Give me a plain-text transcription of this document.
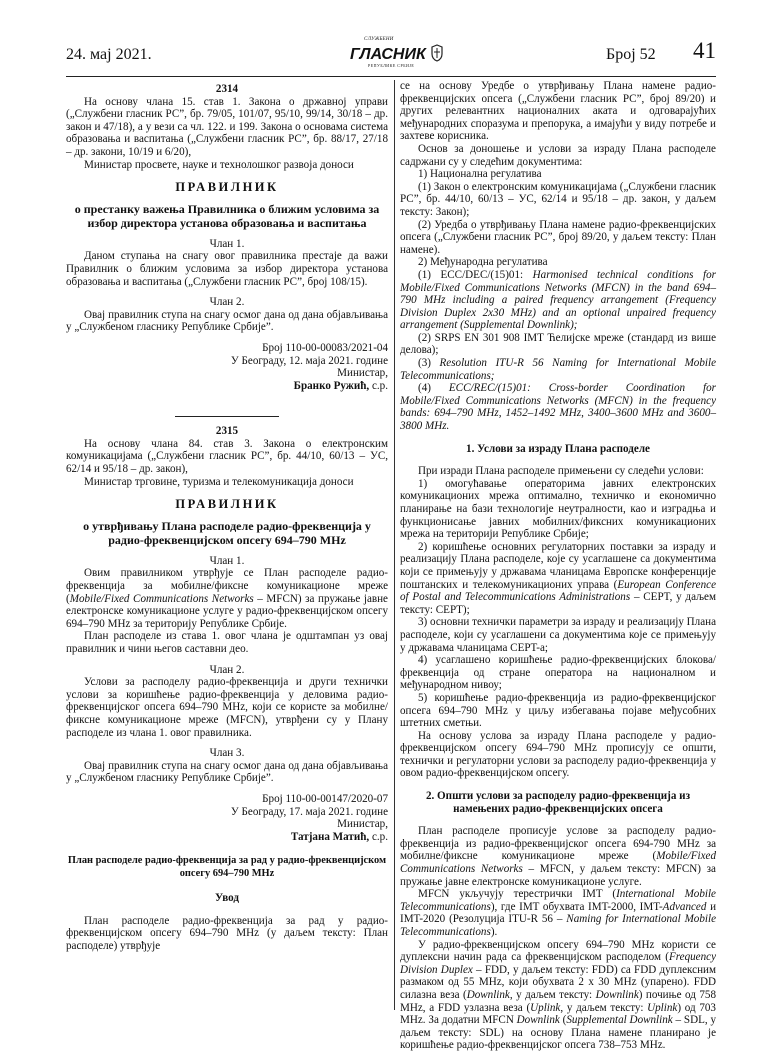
24. мај 2021.
СЛУЖБЕНИ
ГЛАСНИК
РЕПУБЛИКЕ СРБИЈЕ
Број 52 41
2314

На основу члана 15. став 1. Закона о државној управи („Службени гласник РС”, бр. 79/05, 101/07, 95/10, 99/14, 30/18 – др. закон и 47/18), а у вези са чл. 122. и 199. Закона о основама система образовања и васпитања („Службени гласник РС”, бр. 88/17, 27/18 – др. закони, 10/19 и 6/20),

Министар просвете, науке и технолошког развоја доноси

ПРАВИЛНИК
о престанку важења Правилника о ближим условима за избор директора установа образовања и васпитања
Члан 1.

Даном ступања на снагу овог правилника престаје да важи Правилник о ближим условима за избор директора установа образовања и васпитања („Службени гласник РС”, број 108/15).

Члан 2.

Овај правилник ступа на снагу осмог дана од дана објављивања у „Службеном гласнику Републике Србије”.

Број 110-00-00083/2021-04
У Београду, 12. маја 2021. године
Министар,
Бранко Ружић, с.р.
2315

На основу члана 84. став 3. Закона о електронским комуникацијама („Службени гласник РС”, бр. 44/10, 60/13 – УС, 62/14 и 95/18 – др. закон),

Министар трговине, туризма и телекомуникација доноси

ПРАВИЛНИК
о утврђивању Плана расподеле радио-фреквенција у радио-фреквенцијском опсегу 694–790 MHz
Члан 1.

Овим правилником утврђује се План расподеле радио-фреквенција за мобилне/фиксне комуникационе мреже (Mobile/Fixed Communications Networks – MFCN) за пружање јавне електронске комуникационе услуге у радио-фреквенцијском опсегу 694–790 MHz за територију Републике Србије.

План расподеле из става 1. овог члана је одштампан уз овај правилник и чини његов саставни део.

Члан 2.

Услови за расподелу радио-фреквенција и други технички услови за коришћење радио-фреквенција у деловима радио-фреквенцијског опсега 694–790 MHz, који се користе за мобилне/фиксне комуникационе мреже (MFCN), утврђени су у Плану расподеле из члана 1. овог правилника.

Члан 3.

Овај правилник ступа на снагу осмог дана од дана објављивања у „Службеном гласнику Републике Србије”.

Број 110-00-00147/2020-07
У Београду, 17. маја 2021. године
Министар,
Татјана Матић, с.р.
План расподеле радио-фреквенција за рад у радио-фреквенцијском опсегу 694–790 MHz
Увод

План расподеле радио-фреквенција за рад у радио-фреквенцијском опсегу 694–790 MHz (у даљем тексту: План расподеле) утврђује

се на основу Уредбе о утврђивању Плана намене радио-фреквенцијских опсега („Службени гласник РС”, број 89/20) и других релевантних националних аката и одговарајућих међународних споразума и препорука, а имајући у виду потребе и захтеве корисника.

Основ за доношење и услови за израду Плана расподеле садржани су у следећим документима:

1) Национална регулатива

(1) Закон о електронским комуникацијама („Службени гласник РС”, бр. 44/10, 60/13 – УС, 62/14 и 95/18 – др. закон, у даљем тексту: Закон);

(2) Уредба о утврђивању Плана намене радио-фреквенцијских опсега („Службени гласник РС”, број 89/20, у даљем тексту: План намене).

2) Међународна регулатива

(1) ECC/DEC/(15)01: Harmonised technical conditions for Mobile/Fixed Communications Networks (MFCN) in the band 694–790 MHz including a paired frequency arrangement (Frequency Division Duplex 2x30 MHz) and an optional unpaired frequency arrangement (Supplemental Downlink);

(2) SRPS EN 301 908 IMT Ћелијске мреже (стандард из више делова);

(3) Resolution ITU-R 56 Naming for International Mobile Telecommunications;

(4) ECC/REC/(15)01: Cross-border Coordination for Mobile/Fixed Communications Networks (MFCN) in the frequency bands: 694–790 MHz, 1452–1492 MHz, 3400–3600 MHz and 3600–3800 MHz.

1. Услови за израду Плана расподеле

При изради Плана расподеле примењени су следећи услови:

1) омогућавање операторима јавних електронских комуникационих мрежа оптимално, техничко и економично планирање на бази технологије неутралности, као и изградња и функционисање јавних мобилних/фиксних комуникационих мрежа на територији Републике Србије;

2) коришћење основних регулаторних поставки за израду и реализацију Плана расподеле, које су усаглашене са документима који се примењују у државама чланицама Европске конференције поштанских и телекомуникационих управа (European Conference of Postal and Telecommunications Administrations – CEPT, у даљем тексту: CEPT);

3) основни технички параметри за израду и реализацију Плана расподеле, који су усаглашени са документима које се примењују у државама чланицама CEPT-а;

4) усаглашено коришћење радио-фреквенцијских блокова/фреквенција од стране оператора на националном и међународном нивоу;

5) коришћење радио-фреквенција из радио-фреквенцијског опсега 694–790 MHz у циљу избегавања појаве међусобних штетних сметњи.

На основу услова за израду Плана расподеле у радио-фреквенцијском опсегу 694–790 MHz прописују се општи, технички и регулаторни услови за расподелу радио-фреквенција у овом радио-фреквенцијском опсегу.

2. Општи услови за расподелу радио-фреквенција из намењених радио-фреквенцијских опсега

План расподеле прописује услове за расподелу радио-фреквенција из радио-фреквенцијског опсега 694-790 MHz за мобилне/фиксне комуникационе мреже (Mobile/Fixed Communications Networks – MFCN, у даљем тексту: MFCN) за пружање јавне електронске комуникационе услуге.

MFCN укључују терестрички IMT (International Mobile Telecommunications), где IMT обухвата IMT-2000, IMT-Advanced и IMT-2020 (Резолуција ITU-R 56 – Naming for International Mobile Telecommunications).

У радио-фреквенцијском опсегу 694–790 MHz користи се дуплексни начин рада са фреквенцијском расподелом (Frequency Division Duplex – FDD, у даљем тексту: FDD) са FDD дуплексним размаком од 55 MHz, који обухвата 2 x 30 MHz (упарено). FDD силазна веза (Downlink, у даљем тексту: Downlink) почиње од 758 MHz, а FDD узлазна веза (Uplink, у даљем тексту: Uplink) од 703 MHz. За додатни MFCN Downlink (Supplemental Downlink – SDL, у даљем тексту: SDL) на основу Плана намене планирано је коришћење радио-фреквенцијског опсега 738–753 MHz.
